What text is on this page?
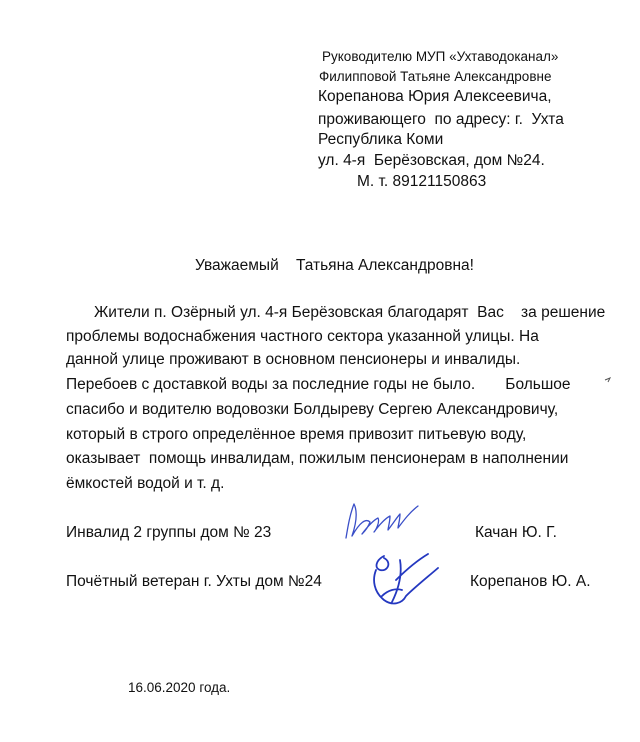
Руководителю МУП «Ухтаводоканал»
Филипповой Татьяне Александровне
Корепанова Юрия Алексеевича,
проживающего  по адресу: г.  Ухта
Республика Коми
ул. 4-я  Берёзовская, дом №24.
М. т. 89121150863
Уважаемый    Татьяна Александровна!
Жители п. Озёрный ул. 4-я Берёзовская благодарят  Вас    за решение
проблемы водоснабжения частного сектора указанной улицы. На
данной улице проживают в основном пенсионеры и инвалиды.
Перебоев с доставкой воды за последние годы не было.       Большое
спасибо и водителю водовозки Болдыреву Сергею Александровичу,
который в строго определённое время привозит питьевую воду,
оказывает  помощь инвалидам, пожилым пенсионерам в наполнении
ёмкостей водой и т. д.
Инвалид 2 группы дом № 23	Качан Ю. Г.
Почётный ветеран г. Ухты дом №24	Корепанов Ю. А.
16.06.2020 года.
